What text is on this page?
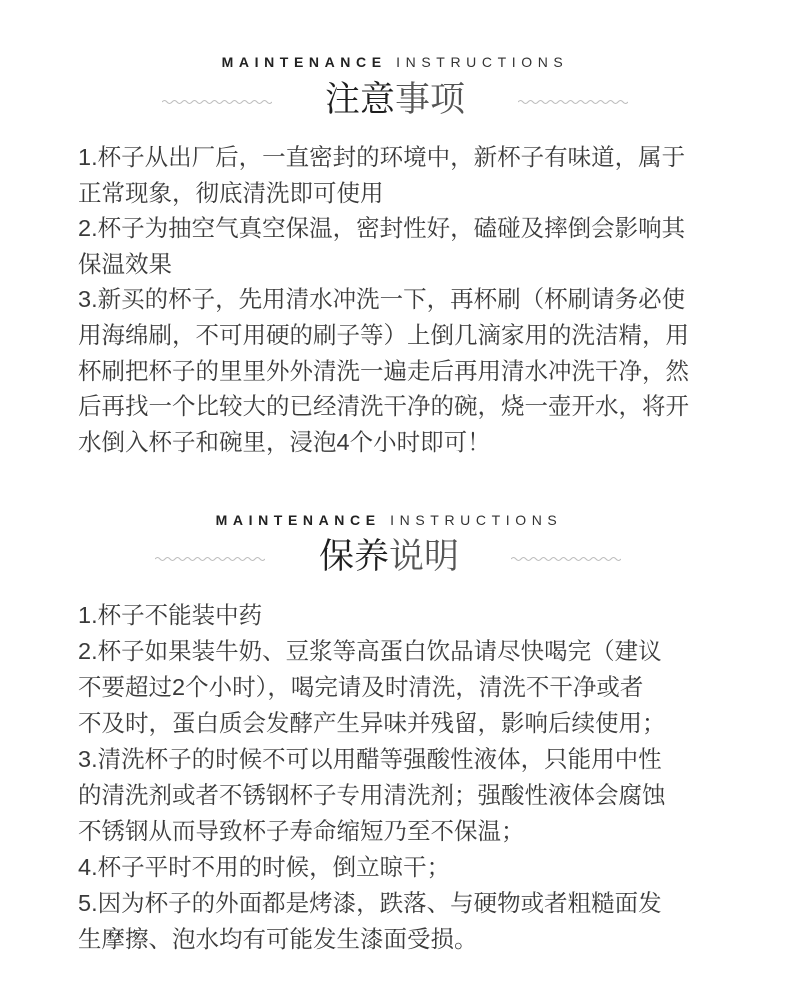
MAINTENANCE INSTRUCTIONS
注意事项
1.杯子从出厂后，一直密封的环境中，新杯子有味道，属于
正常现象，彻底清洗即可使用
2.杯子为抽空气真空保温，密封性好，磕碰及摔倒会影响其
保温效果
3.新买的杯子，先用清水冲洗一下，再杯刷（杯刷请务必使
用海绵刷，不可用硬的刷子等）上倒几滴家用的洗洁精，用
杯刷把杯子的里里外外清洗一遍走后再用清水冲洗干净，然
后再找一个比较大的已经清洗干净的碗，烧一壶开水，将开
水倒入杯子和碗里，浸泡4个小时即可！
MAINTENANCE INSTRUCTIONS
保养说明
1.杯子不能装中药
2.杯子如果装牛奶、豆浆等高蛋白饮品请尽快喝完（建议
不要超过2个小时），喝完请及时清洗，清洗不干净或者
不及时，蛋白质会发酵产生异味并残留，影响后续使用；
3.清洗杯子的时候不可以用醋等强酸性液体，只能用中性
的清洗剂或者不锈钢杯子专用清洗剂；强酸性液体会腐蚀
不锈钢从而导致杯子寿命缩短乃至不保温；
4.杯子平时不用的时候，倒立晾干；
5.因为杯子的外面都是烤漆，跌落、与硬物或者粗糙面发
生摩擦、泡水均有可能发生漆面受损。
